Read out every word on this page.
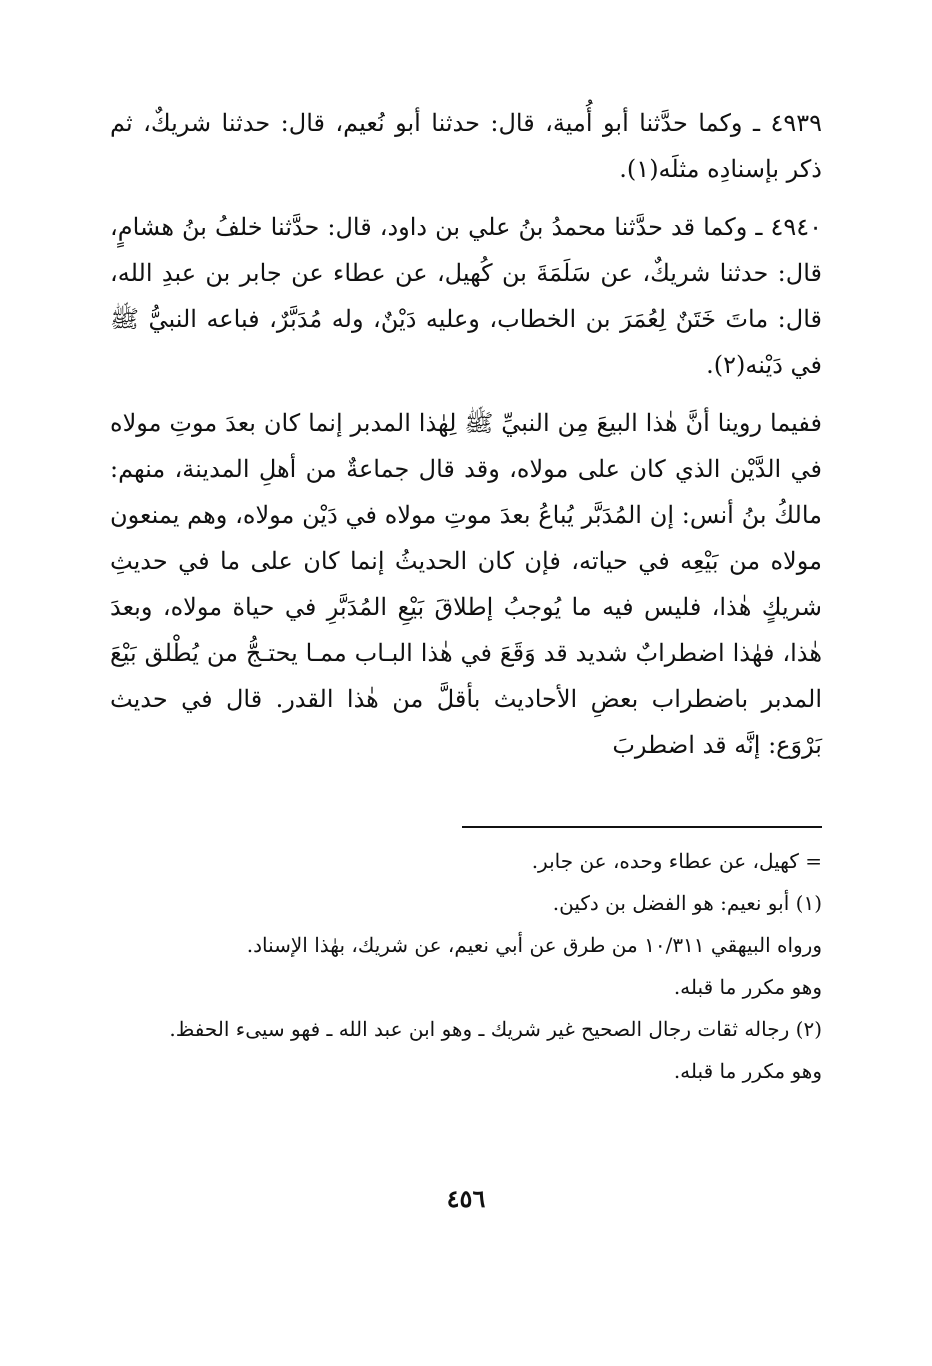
٤٩٣٩ ـ وكما حدَّثنا أبو أُمية، قال: حدثنا أبو نُعيم، قال: حدثنا شريكٌ، ثم ذكر بإسنادِه مثلَه(١).

٤٩٤٠ ـ وكما قد حدَّثنا محمدُ بنُ علي بن داود، قال: حدَّثنا خلفُ بنُ هشامٍ، قال: حدثنا شريكٌ، عن سَلَمَةَ بن كُهيل، عن عطاء عن جابر بن عبدِ الله، قال: ماتَ خَتَنٌ لِعُمَرَ بن الخطاب، وعليه دَيْنٌ، وله مُدَبَّرٌ، فباعه النبيُّ ﷺ في دَيْنه(٢).

ففيما روينا أنَّ هٰذا البيعَ مِن النبيِّ ﷺ لِهٰذا المدبر إنما كان بعدَ موتِ مولاه في الدَّيْن الذي كان على مولاه، وقد قال جماعةٌ من أهلِ المدينة، منهم: مالكُ بنُ أنس: إن المُدَبَّر يُباعُ بعدَ موتِ مولاه في دَيْن مولاه، وهم يمنعون مولاه من بَيْعِه في حياته، فإن كان الحديثُ إنما كان على ما في حديثِ شريكٍ هٰذا، فليس فيه ما يُوجبُ إطلاقَ بَيْعِ المُدَبَّرِ في حياة مولاه، وبعدَ هٰذا، فهٰذا اضطرابٌ شديد قد وَقَعَ في هٰذا البـاب ممـا يحتـجُّ من يُطْلق بَيْعَ المدبر باضطراب بعضِ الأحاديث بأقلَّ من هٰذا القدر. قال في حديث بَرْوَع: إنَّه قد اضطربَ

= كهيل، عن عطاء وحده، عن جابر.

(١) أبو نعيم: هو الفضل بن دكين.

ورواه البيهقي ١٠/٣١١ من طرق عن أبي نعيم، عن شريك، بهٰذا الإسناد.

وهو مكرر ما قبله.

(٢) رجاله ثقات رجال الصحيح غير شريك ـ وهو ابن عبد الله ـ فهو سيىء الحفظ.

وهو مكرر ما قبله.

٤٥٦
